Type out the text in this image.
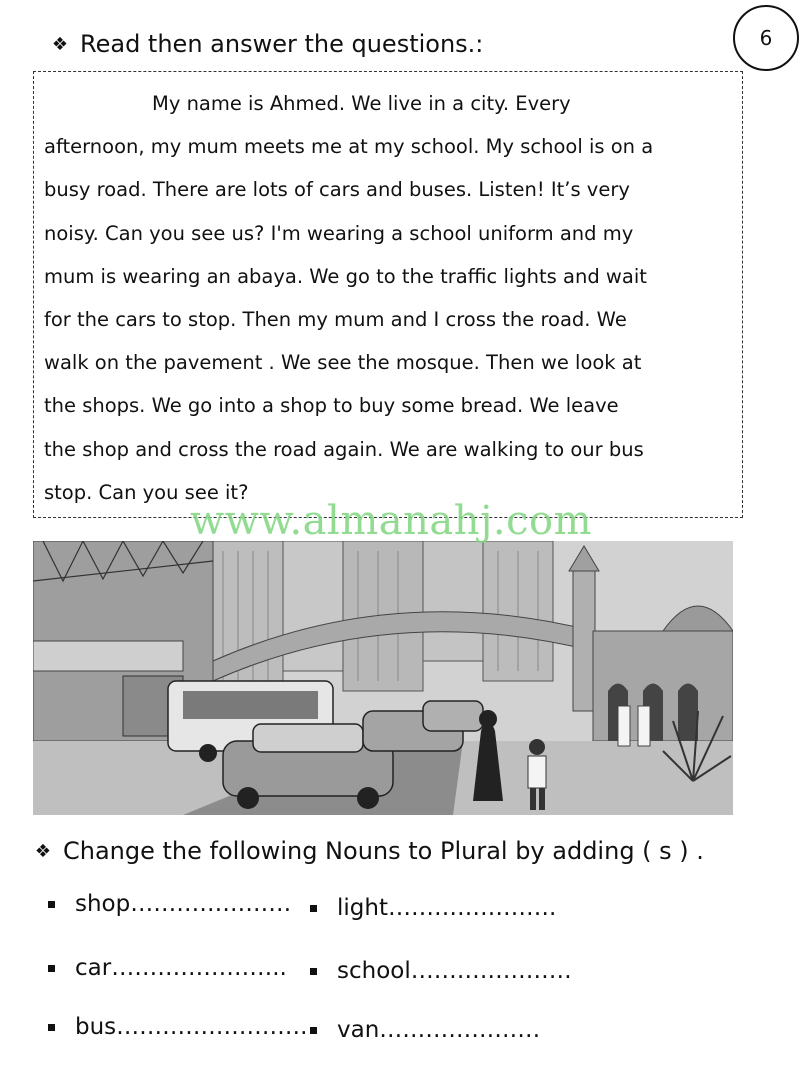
6
❖ Read then answer the questions.:
My name is Ahmed. We live in a city. Every
afternoon, my mum meets me at my school. My school is on a
busy road. There are lots of cars and buses. Listen! It’s very
noisy. Can you see us? I'm wearing a school uniform and my
mum is wearing an abaya. We go to the traffic lights and wait
for the cars to stop. Then my mum and I cross the road. We
walk on the pavement . We see the mosque. Then we look at
the shops. We go into a shop to buy some bread. We leave
the shop and cross the road again. We are walking to our bus
stop. Can you see it?
www.almanahj.com
❖ Change the following Nouns to Plural by adding ( s ) .
shop…………………
car…………………..
bus…………………….
light………………….
school…………………
van…………………
